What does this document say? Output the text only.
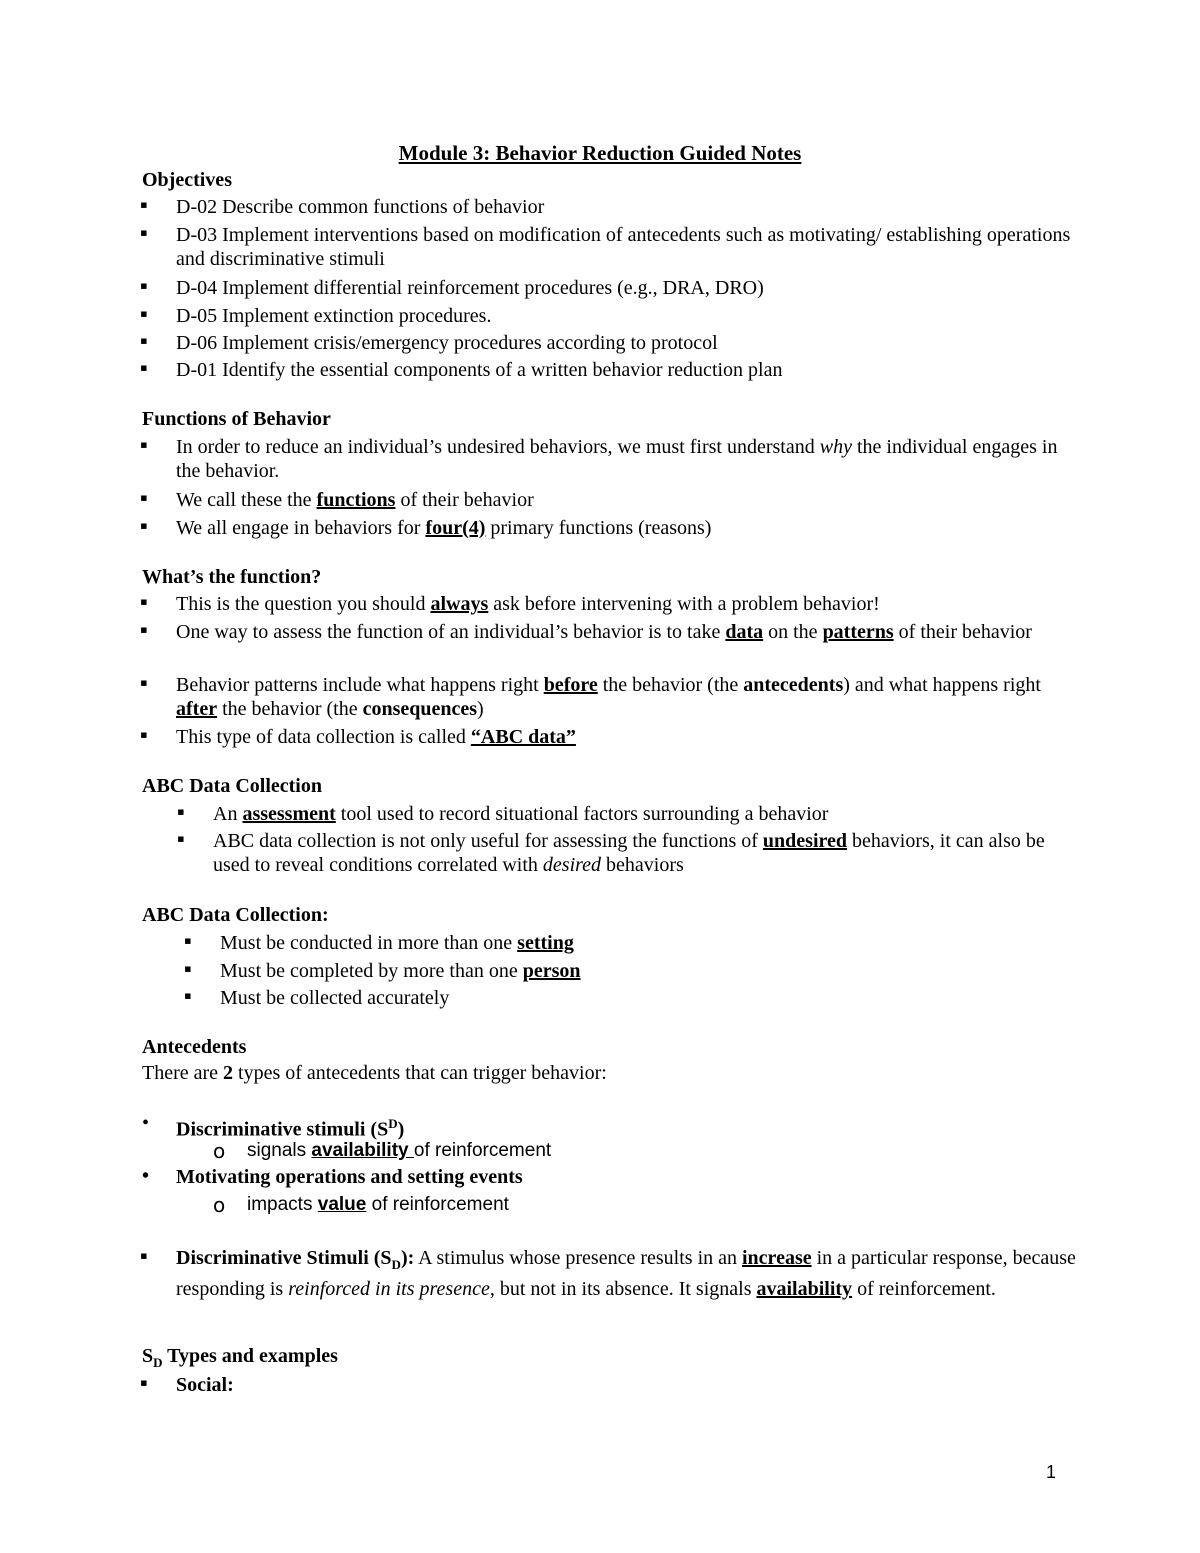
Module 3: Behavior Reduction Guided Notes
Objectives
▪ D-02 Describe common functions of behavior
▪ D-03 Implement interventions based on modification of antecedents such as motivating/ establishing operations and discriminative stimuli
▪ D-04 Implement differential reinforcement procedures (e.g., DRA, DRO)
▪ D-05 Implement extinction procedures.
▪ D-06 Implement crisis/emergency procedures according to protocol
▪ D-01 Identify the essential components of a written behavior reduction plan
Functions of Behavior
▪ In order to reduce an individual’s undesired behaviors, we must first understand why the individual engages in the behavior.
▪ We call these the functions of their behavior
▪ We all engage in behaviors for four(4) primary functions (reasons)
What’s the function?
▪ This is the question you should always ask before intervening with a problem behavior!
▪ One way to assess the function of an individual’s behavior is to take data on the patterns of their behavior
▪ Behavior patterns include what happens right before the behavior (the antecedents) and what happens right after the behavior (the consequences)
▪ This type of data collection is called “ABC data”
ABC Data Collection
▪ An assessment tool used to record situational factors surrounding a behavior
▪ ABC data collection is not only useful for assessing the functions of undesired behaviors, it can also be used to reveal conditions correlated with desired behaviors
ABC Data Collection:
▪ Must be conducted in more than one setting
▪ Must be completed by more than one person
▪ Must be collected accurately
Antecedents
There are 2 types of antecedents that can trigger behavior:
• Discriminative stimuli $(S^D)$
o signals availability of reinforcement
• Motivating operations and setting events
o impacts value of reinforcement
▪ Discriminative Stimuli $(S_D)$: A stimulus whose presence results in an increase in a particular response, because responding is reinforced in its presence, but not in its absence. It signals availability of reinforcement.
$S_D$ Types and examples
▪ Social:
1
